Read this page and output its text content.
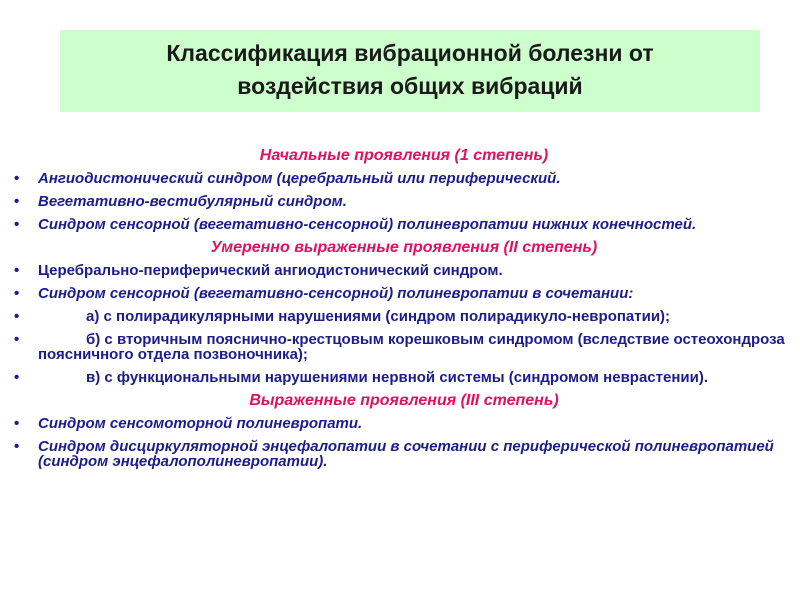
Классификация вибрационной болезни от
воздействия общих вибраций
Начальные проявления (1 степень)
• Ангиодистонический синдром (церебральный или периферический.
• Вегетативно-вестибулярный синдром.
• Синдром сенсорной (вегетативно-сенсорной) полиневропатии нижних конечностей.
Умеренно выраженные проявления (II степень)
• Церебрально-периферический ангиодистонический синдром.
• Синдром сенсорной (вегетативно-сенсорной) полиневропатии в сочетании:
•	а) с полирадикулярными нарушениями (синдром полирадикуло-невропатии);
•	б) с вторичным пояснично-крестцовым корешковым синдромом (вследствие остеохондроза поясничного отдела позвоночника);
•	в) с функциональными нарушениями нервной системы (синдромом неврастении).
Выраженные проявления (III степень)
• Синдром сенсомоторной полиневропати.
• Синдром дисциркуляторной энцефалопатии в сочетании с периферической полиневропатией (синдром энцефалополиневропатии).
